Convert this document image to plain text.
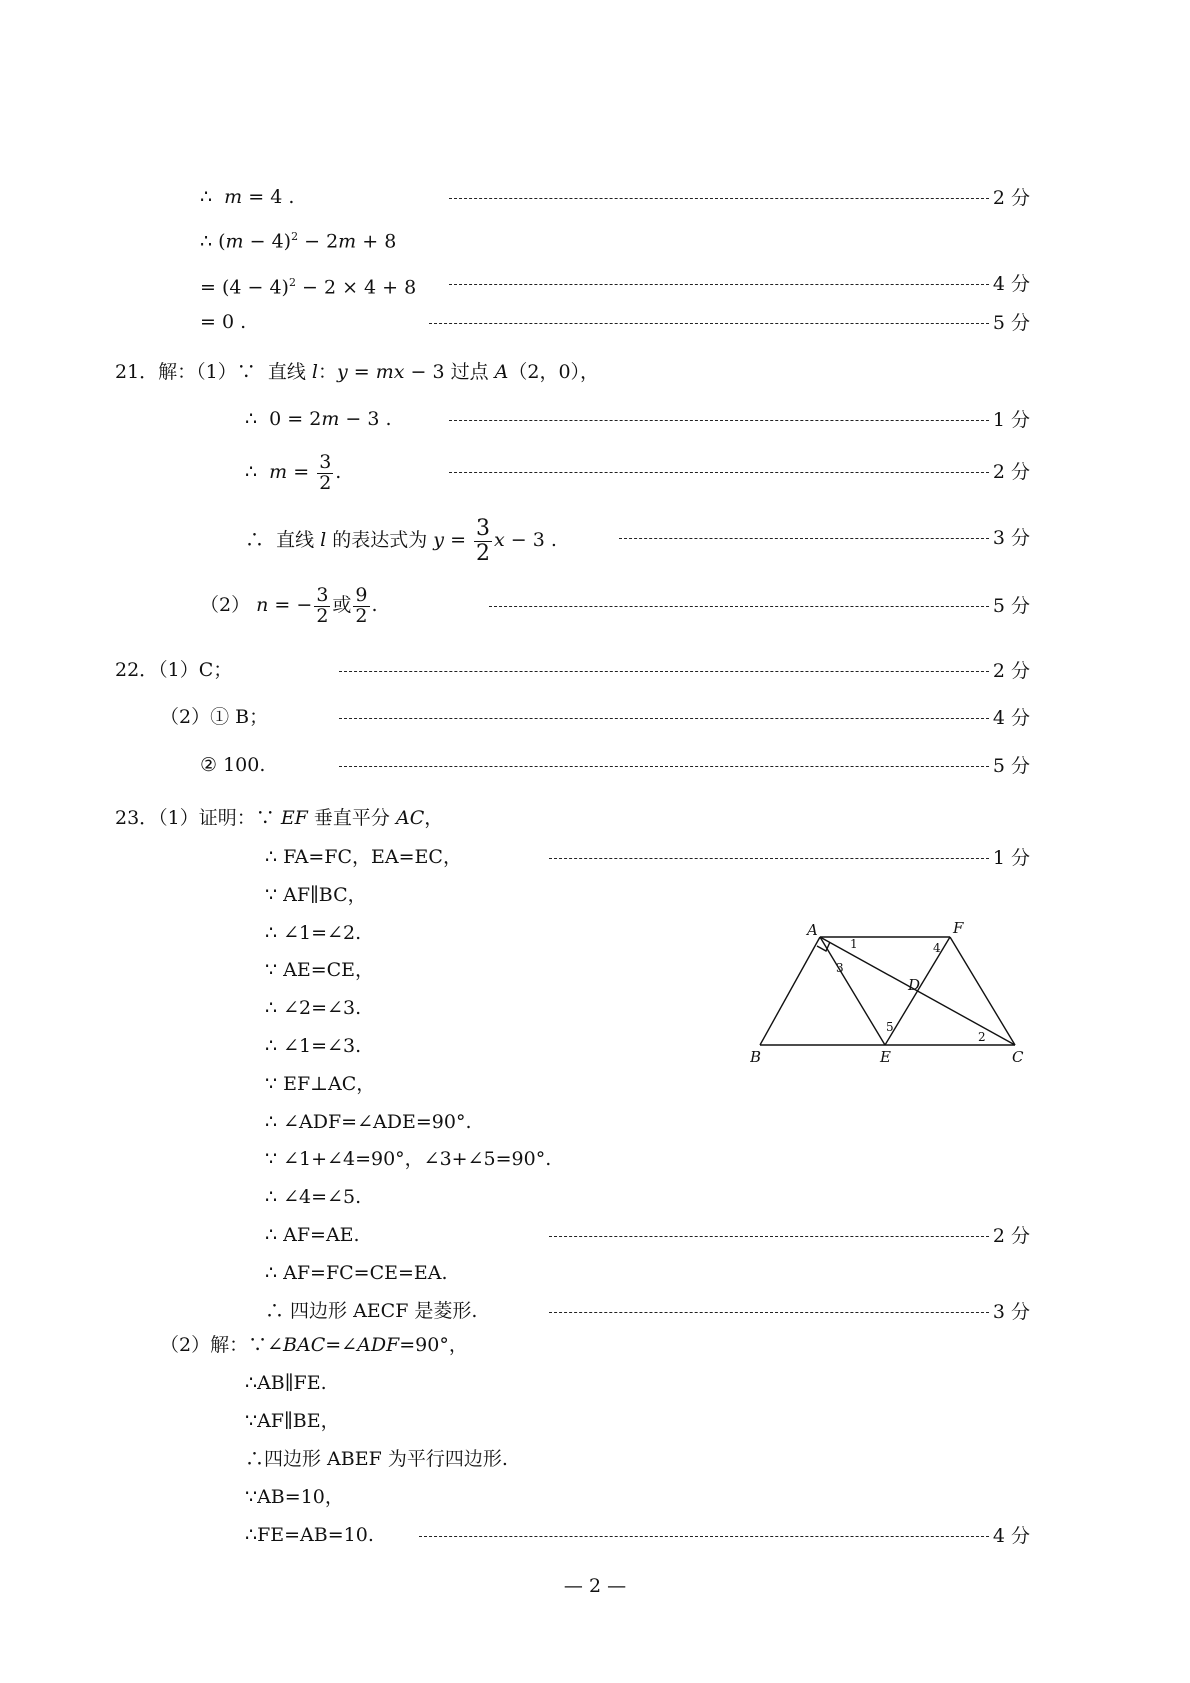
∴  m = 4 .	2 分
∴ $(m - 4)^2 - 2m + 8$
= $(4 - 4)^2 - 2 \times 4 + 8$	4 分
= 0 .	5 分
21．解：（1）∵  直线 l：y = mx − 3 过点 A（2，0），
∴  0 = 2m − 3 .	1 分
∴  $m = \frac{3}{2}$ .	2 分
∴  直线 l 的表达式为 $y = \frac{3}{2}$ x − 3 .	3 分
（2） n = − $\frac{3}{2}$ 或 $\frac{9}{2}$ .	5 分
22．（1）C；	2 分
（2）① B；	4 分
② 100.	5 分
23．（1）证明：∵ EF 垂直平分 AC，
∴ FA=FC，EA=EC，	1 分
∵ AF∥BC，
∴ ∠1=∠2.
∵ AE=CE，
∴ ∠2=∠3.
∴ ∠1=∠3.
∵ EF⊥AC，
∴ ∠ADF=∠ADE=90°.
∵ ∠1+∠4=90°，∠3+∠5=90°.
∴ ∠4=∠5.
∴ AF=AE.	2 分
∴ AF=FC=CE=EA.
∴ 四边形 AECF 是菱形.	3 分
（2）解：∵∠BAC=∠ADF=90°，
∴AB∥FE.
∵AF∥BE，
∴四边形 ABEF 为平行四边形.
∵AB=10，
∴FE=AB=10.	4 分
A	F
B	E	C
D
1
2
3
4
5
— 2 —
